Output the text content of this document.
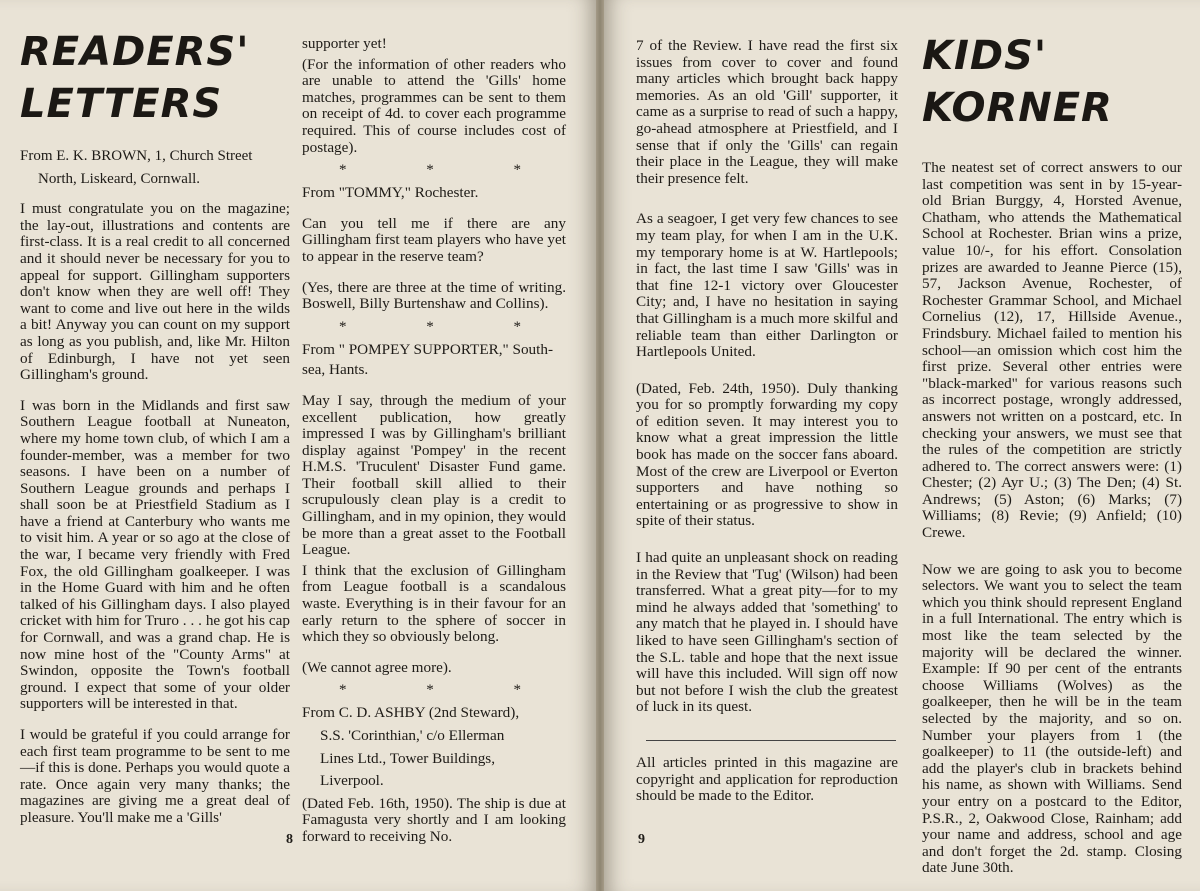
READERS'
LETTERS

From E. K. BROWN, 1, Church Street

North, Liskeard, Cornwall.

I must congratulate you on the magazine; the lay-out, illustrations and contents are first-class. It is a real credit to all concerned and it should never be necessary for you to appeal for support. Gillingham supporters don't know when they are well off! They want to come and live out here in the wilds a bit! Anyway you can count on my support as long as you publish, and, like Mr. Hilton of Edinburgh, I have not yet seen Gillingham's ground.

I was born in the Midlands and first saw Southern League football at Nuneaton, where my home town club, of which I am a founder-member, was a member for two seasons. I have been on a number of Southern League grounds and perhaps I shall soon be at Priestfield Stadium as I have a friend at Canterbury who wants me to visit him. A year or so ago at the close of the war, I became very friendly with Fred Fox, the old Gillingham goalkeeper. I was in the Home Guard with him and he often talked of his Gillingham days. I also played cricket with him for Truro . . . he got his cap for Cornwall, and was a grand chap. He is now mine host of the "County Arms" at Swindon, opposite the Town's football ground. I expect that some of your older supporters will be interested in that.

I would be grateful if you could arrange for each first team programme to be sent to me—if this is done. Perhaps you would quote a rate. Once again very many thanks; the magazines are giving me a great deal of pleasure. You'll make me a 'Gills'

supporter yet!

(For the information of other readers who are unable to attend the 'Gills' home matches, programmes can be sent to them on receipt of 4d. to cover each programme required. This of course includes cost of postage).

* * *

From "TOMMY," Rochester.

Can you tell me if there are any Gillingham first team players who have yet to appear in the reserve team?

(Yes, there are three at the time of writing. Boswell, Billy Burtenshaw and Collins).

* * *

From " POMPEY SUPPORTER," South-

sea, Hants.

May I say, through the medium of your excellent publication, how greatly impressed I was by Gillingham's brilliant display against 'Pompey' in the recent H.M.S. 'Truculent' Disaster Fund game. Their football skill allied to their scrupulously clean play is a credit to Gillingham, and in my opinion, they would be more than a great asset to the Football League.

I think that the exclusion of Gillingham from League football is a scandalous waste. Everything is in their favour for an early return to the sphere of soccer in which they so obviously belong.

(We cannot agree more).

* * *

From C. D. ASHBY (2nd Steward),

S.S. 'Corinthian,' c/o Ellerman

Lines Ltd., Tower Buildings,

Liverpool.

(Dated Feb. 16th, 1950). The ship is due at Famagusta very shortly and I am looking forward to receiving No.

8

7 of the Review. I have read the first six issues from cover to cover and found many articles which brought back happy memories. As an old 'Gill' supporter, it came as a surprise to read of such a happy, go-ahead atmosphere at Priestfield, and I sense that if only the 'Gills' can regain their place in the League, they will make their presence felt.

As a seagoer, I get very few chances to see my team play, for when I am in the U.K. my temporary home is at W. Hartlepools; in fact, the last time I saw 'Gills' was in that fine 12-1 victory over Gloucester City; and, I have no hesitation in saying that Gillingham is a much more skilful and reliable team than either Darlington or Hartlepools United.

(Dated, Feb. 24th, 1950). Duly thanking you for so promptly forwarding my copy of edition seven. It may interest you to know what a great impression the little book has made on the soccer fans aboard. Most of the crew are Liverpool or Everton supporters and have nothing so entertaining or as progressive to show in spite of their status.

I had quite an unpleasant shock on reading in the Review that 'Tug' (Wilson) had been transferred. What a great pity—for to my mind he always added that 'something' to any match that he played in. I should have liked to have seen Gillingham's section of the S.L. table and hope that the next issue will have this included. Will sign off now but not before I wish the club the greatest of luck in its quest.

All articles printed in this magazine are copyright and application for reproduction should be made to the Editor.

KIDS'
KORNER

The neatest set of correct answers to our last competition was sent in by 15-year-old Brian Burggy, 4, Horsted Avenue, Chatham, who attends the Mathematical School at Rochester. Brian wins a prize, value 10/-, for his effort. Consolation prizes are awarded to Jeanne Pierce (15), 57, Jackson Avenue, Rochester, of Rochester Grammar School, and Michael Cornelius (12), 17, Hillside Avenue., Frindsbury. Michael failed to mention his school—an omission which cost him the first prize. Several other entries were "black-marked" for various reasons such as incorrect postage, wrongly addressed, answers not written on a postcard, etc. In checking your answers, we must see that the rules of the competition are strictly adhered to. The correct answers were: (1) Chester; (2) Ayr U.; (3) The Den; (4) St. Andrews; (5) Aston; (6) Marks; (7) Williams; (8) Revie; (9) Anfield; (10) Crewe.

Now we are going to ask you to become selectors. We want you to select the team which you think should represent England in a full International. The entry which is most like the team selected by the majority will be declared the winner. Example: If 90 per cent of the entrants choose Williams (Wolves) as the goalkeeper, then he will be in the team selected by the majority, and so on. Number your players from 1 (the goalkeeper) to 11 (the outside-left) and add the player's club in brackets behind his name, as shown with Williams. Send your entry on a postcard to the Editor, P.S.R., 2, Oakwood Close, Rainham; add your name and address, school and age and don't forget the 2d. stamp. Closing date June 30th.

9
